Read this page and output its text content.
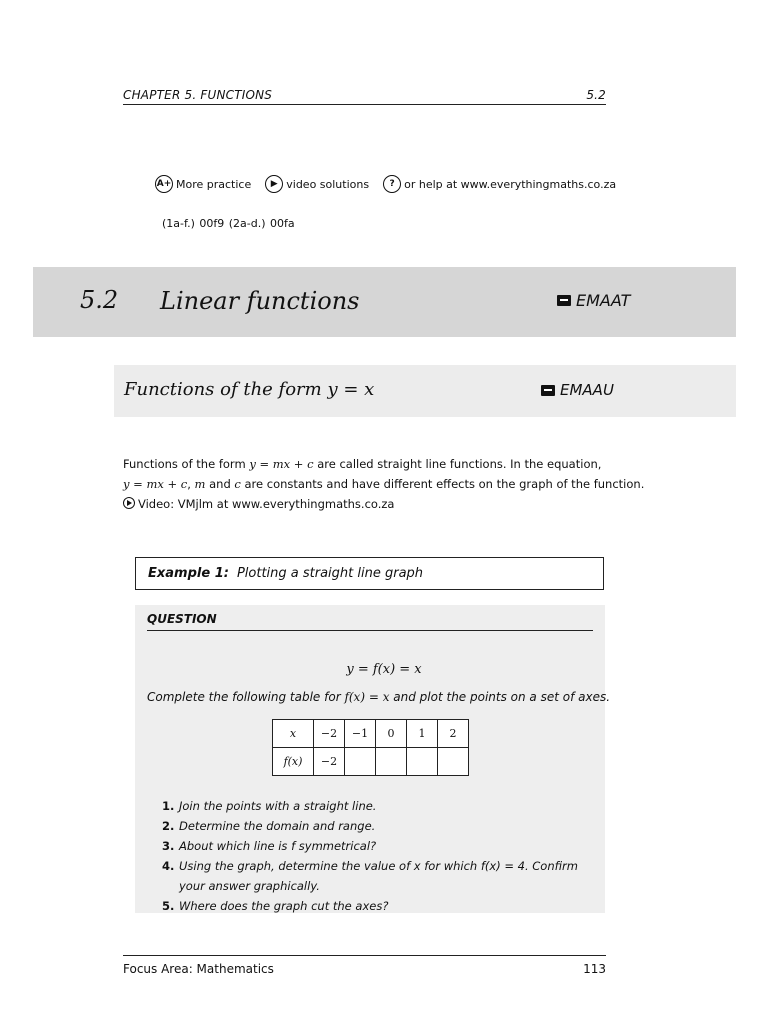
CHAPTER 5. FUNCTIONS	5.2
A+ More practice	▶ video solutions	? or help at www.everythingmaths.co.za
(1a-f.) 00f9 (2a-d.) 00fa
5.2 Linear functions	EMAAT
Functions of the form y = x	EMAAU

Functions of the form y = mx + c are called straight line functions. In the equation,

y = mx + c, m and c are constants and have different effects on the graph of the function.

Video: VMjlm at www.everythingmaths.co.za

Example 1: Plotting a straight line graph
QUESTION
y = f(x) = x
Complete the following table for f(x) = x and plot the points on a set of axes.
x	−2	−1	0	1	2
f(x)	−2				
1. Join the points with a straight line.
2. Determine the domain and range.
3. About which line is f symmetrical?
4. Using the graph, determine the value of x for which f(x) = 4. Confirm your answer graphically.
5. Where does the graph cut the axes?
Focus Area: Mathematics	113
